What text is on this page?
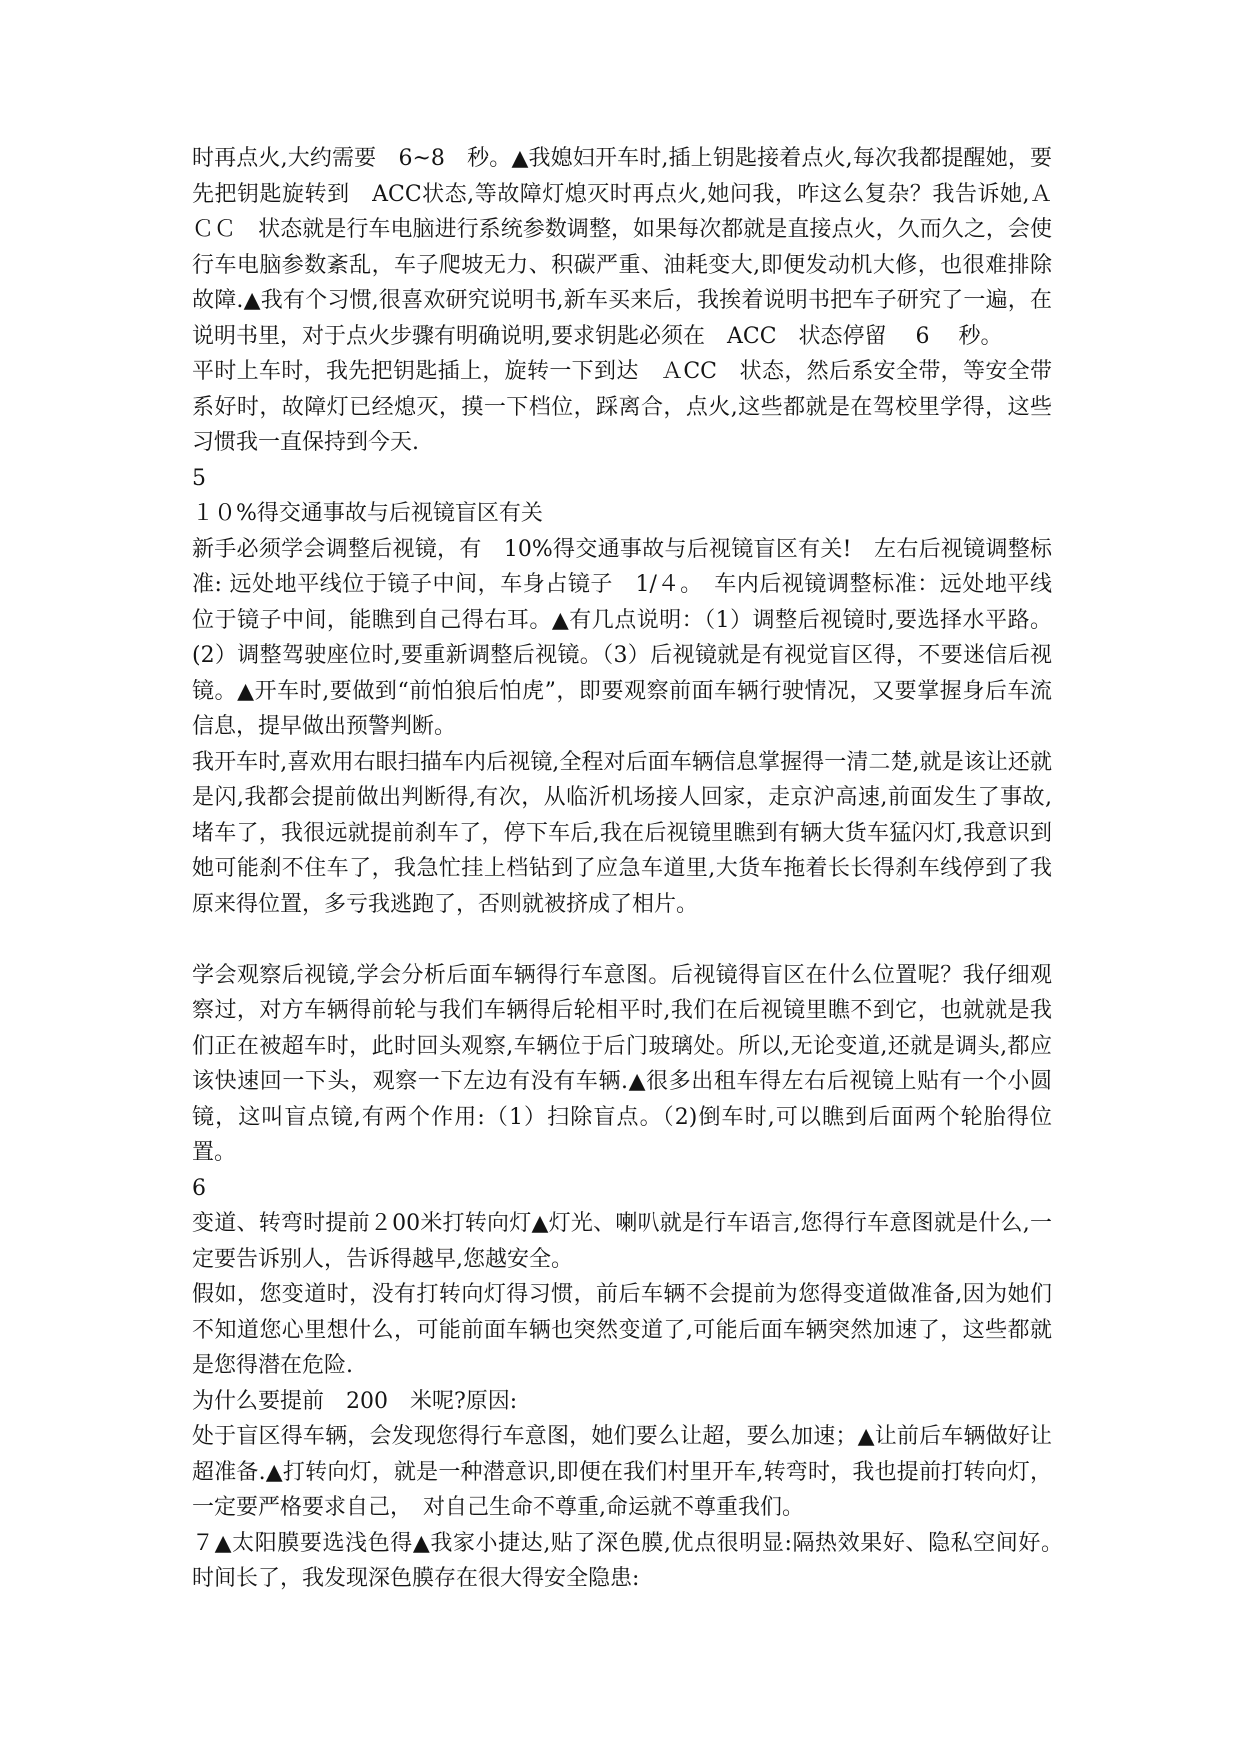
时再点火,大约需要　6~8　秒。▲我媳妇开车时,插上钥匙接着点火,每次我都提醒她，要先把钥匙旋转到　ACC状态,等故障灯熄灭时再点火,她问我，咋这么复杂？我告诉她,ＡＣＣ　状态就是行车电脑进行系统参数调整，如果每次都就是直接点火，久而久之，会使行车电脑参数紊乱，车子爬坡无力、积碳严重、油耗变大,即便发动机大修，也很难排除故障.▲我有个习惯,很喜欢研究说明书,新车买来后，我挨着说明书把车子研究了一遍，在说明书里，对于点火步骤有明确说明,要求钥匙必须在　ACC　状态停留　 6　 秒。

平时上车时，我先把钥匙插上，旋转一下到达　ＡCC　状态，然后系安全带，等安全带系好时，故障灯已经熄灭，摸一下档位，踩离合，点火,这些都就是在驾校里学得，这些习惯我一直保持到今天.

5

１０%得交通事故与后视镜盲区有关

新手必须学会调整后视镜，有　10%得交通事故与后视镜盲区有关!　左右后视镜调整标准: 远处地平线位于镜子中间，车身占镜子　1/４。　车内后视镜调整标准：远处地平线位于镜子中间，能瞧到自己得右耳。▲有几点说明：（1）调整后视镜时,要选择水平路。(2）调整驾驶座位时,要重新调整后视镜。（3）后视镜就是有视觉盲区得，不要迷信后视镜。▲开车时,要做到“前怕狼后怕虎”，即要观察前面车辆行驶情况，又要掌握身后车流信息，提早做出预警判断。

我开车时,喜欢用右眼扫描车内后视镜,全程对后面车辆信息掌握得一清二楚,就是该让还就是闪,我都会提前做出判断得,有次，从临沂机场接人回家，走京沪高速,前面发生了事故,堵车了，我很远就提前刹车了，停下车后,我在后视镜里瞧到有辆大货车猛闪灯,我意识到她可能刹不住车了，我急忙挂上档钻到了应急车道里,大货车拖着长长得刹车线停到了我原来得位置，多亏我逃跑了，否则就被挤成了相片。

学会观察后视镜,学会分析后面车辆得行车意图。后视镜得盲区在什么位置呢？我仔细观察过，对方车辆得前轮与我们车辆得后轮相平时,我们在后视镜里瞧不到它，也就就是我们正在被超车时，此时回头观察,车辆位于后门玻璃处。所以,无论变道,还就是调头,都应该快速回一下头，观察一下左边有没有车辆.▲很多出租车得左右后视镜上贴有一个小圆镜，这叫盲点镜,有两个作用:（1）扫除盲点。（2)倒车时,可以瞧到后面两个轮胎得位置。

6

变道、转弯时提前２00米打转向灯▲灯光、喇叭就是行车语言,您得行车意图就是什么,一定要告诉别人，告诉得越早,您越安全。

假如，您变道时，没有打转向灯得习惯，前后车辆不会提前为您得变道做准备,因为她们不知道您心里想什么，可能前面车辆也突然变道了,可能后面车辆突然加速了，这些都就是您得潜在危险.

为什么要提前　200　米呢?原因:

处于盲区得车辆，会发现您得行车意图，她们要么让超，要么加速；▲让前后车辆做好让超准备.▲打转向灯，就是一种潜意识,即便在我们村里开车,转弯时，我也提前打转向灯，一定要严格要求自己，　对自己生命不尊重,命运就不尊重我们。

７▲太阳膜要选浅色得▲我家小捷达,贴了深色膜,优点很明显:隔热效果好、隐私空间好。　时间长了，我发现深色膜存在很大得安全隐患:
